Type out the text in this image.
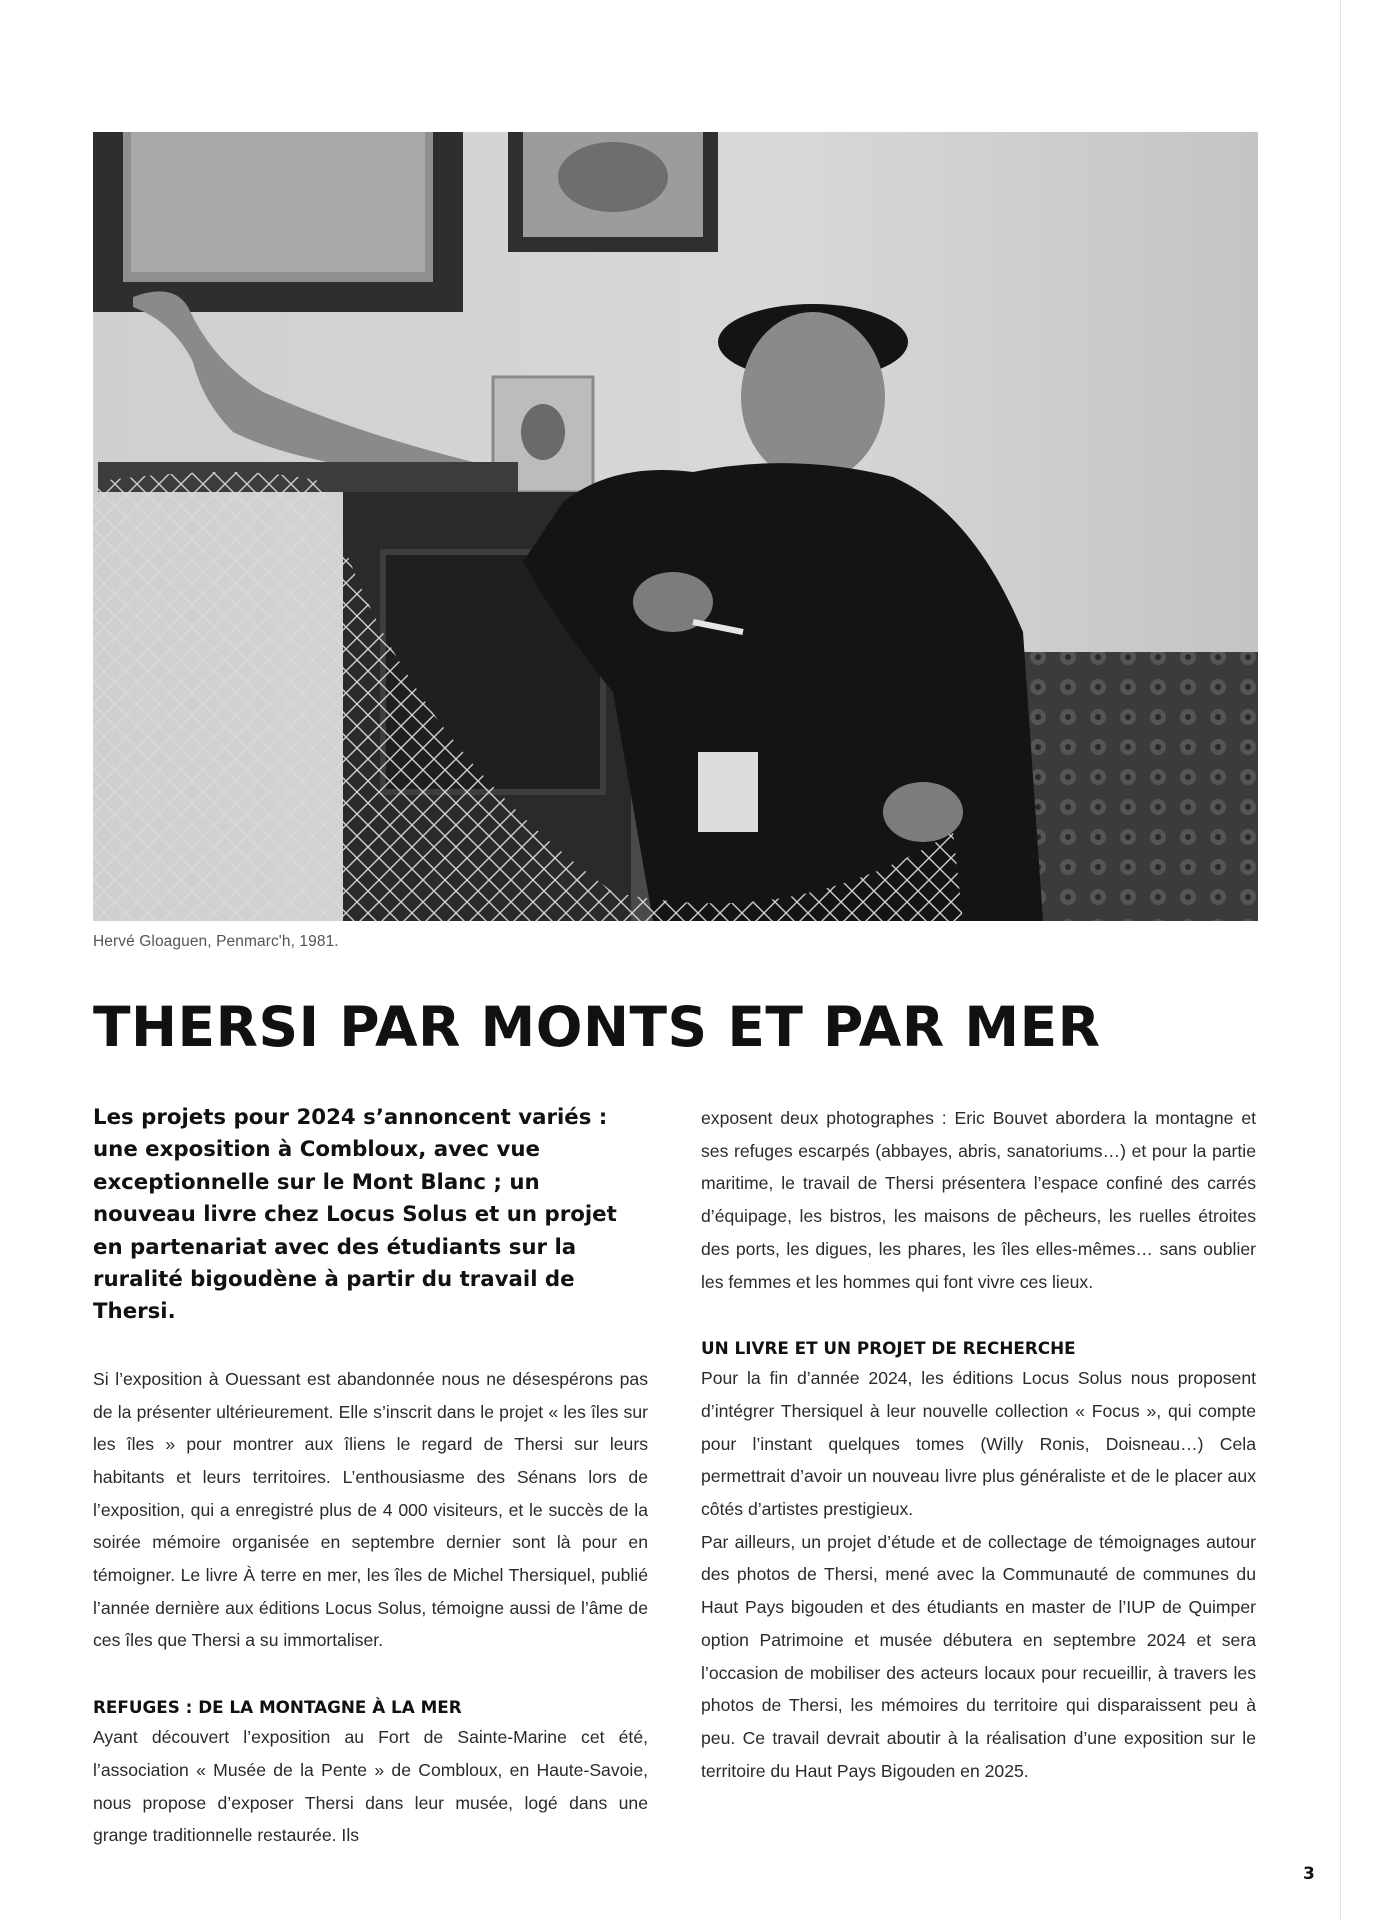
Hervé Gloaguen, Penmarc'h, 1981.
THERSI PAR MONTS ET PAR MER

Les projets pour 2024 s’annoncent variés : une exposition à Combloux, avec vue exceptionnelle sur le Mont Blanc ; un nouveau livre chez Locus Solus et un projet en partenariat avec des étudiants sur la ruralité bigoudène à partir du travail de Thersi.

Si l’exposition à Ouessant est abandonnée nous ne désespérons pas de la présenter ultérieurement. Elle s’inscrit dans le projet « les îles sur les îles » pour montrer aux îliens le regard de Thersi sur leurs habitants et leurs territoires. L’enthousiasme des Sénans lors de l’exposition, qui a enregistré plus de 4 000 visiteurs, et le succès de la soirée mémoire organisée en septembre dernier sont là pour en témoigner. Le livre À terre en mer, les îles de Michel Thersiquel, publié l’année dernière aux éditions Locus Solus, témoigne aussi de l’âme de ces îles que Thersi a su immortaliser.

REFUGES : DE LA MONTAGNE À LA MER

Ayant découvert l’exposition au Fort de Sainte-Marine cet été, l’association « Musée de la Pente » de Combloux, en Haute-Savoie, nous propose d’exposer Thersi dans leur musée, logé dans une grange traditionnelle restaurée. Ils

exposent deux photographes : Eric Bouvet abordera la montagne et ses refuges escarpés (abbayes, abris, sanatoriums…) et pour la partie maritime, le travail de Thersi présentera l’espace confiné des carrés d’équipage, les bistros, les maisons de pêcheurs, les ruelles étroites des ports, les digues, les phares, les îles elles-mêmes… sans oublier les femmes et les hommes qui font vivre ces lieux.

UN LIVRE ET UN PROJET DE RECHERCHE

Pour la fin d’année 2024, les éditions Locus Solus nous proposent d’intégrer Thersiquel à leur nouvelle collection « Focus », qui compte pour l’instant quelques tomes (Willy Ronis, Doisneau…) Cela permettrait d’avoir un nouveau livre plus généraliste et de le placer aux côtés d’artistes prestigieux.

Par ailleurs, un projet d’étude et de collectage de témoignages autour des photos de Thersi, mené avec la Communauté de communes du Haut Pays bigouden et des étudiants en master de l’IUP de Quimper option Patrimoine et musée débutera en septembre 2024 et sera l’occasion de mobiliser des acteurs locaux pour recueillir, à travers les photos de Thersi, les mémoires du territoire qui disparaissent peu à peu. Ce travail devrait aboutir à la réalisation d’une exposition sur le territoire du Haut Pays Bigouden en 2025.

3
